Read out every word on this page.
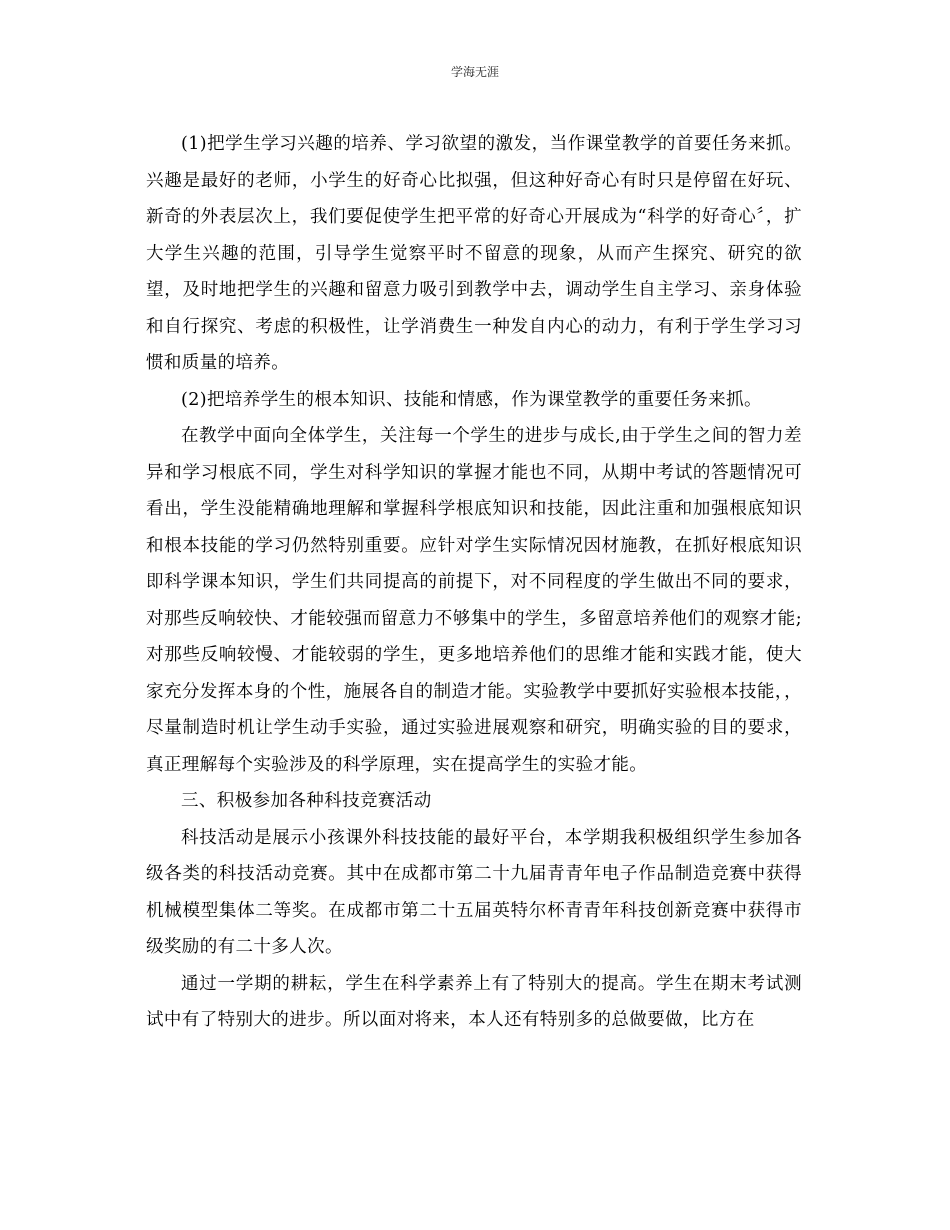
学海无涯

(1)把学生学习兴趣的培养、学习欲望的激发，当作课堂教学的首要任务来抓。兴趣是最好的老师，小学生的好奇心比拟强，但这种好奇心有时只是停留在好玩、新奇的外表层次上，我们要促使学生把平常的好奇心开展成为“科学的好奇心〞，扩大学生兴趣的范围，引导学生觉察平时不留意的现象，从而产生探究、研究的欲望，及时地把学生的兴趣和留意力吸引到教学中去，调动学生自主学习、亲身体验和自行探究、考虑的积极性，让学消费生一种发自内心的动力，有利于学生学习习惯和质量的培养。

(2)把培养学生的根本知识、技能和情感，作为课堂教学的重要任务来抓。

在教学中面向全体学生，关注每一个学生的进步与成长,由于学生之间的智力差异和学习根底不同，学生对科学知识的掌握才能也不同，从期中考试的答题情况可看出，学生没能精确地理解和掌握科学根底知识和技能，因此注重和加强根底知识和根本技能的学习仍然特别重要。应针对学生实际情况因材施教，在抓好根底知识即科学课本知识，学生们共同提高的前提下，对不同程度的学生做出不同的要求，对那些反响较快、才能较强而留意力不够集中的学生，多留意培养他们的观察才能;对那些反响较慢、才能较弱的学生，更多地培养他们的思维才能和实践才能，使大家充分发挥本身的个性，施展各自的制造才能。实验教学中要抓好实验根本技能，，尽量制造时机让学生动手实验，通过实验进展观察和研究，明确实验的目的要求，真正理解每个实验涉及的科学原理，实在提高学生的实验才能。

三、积极参加各种科技竞赛活动

科技活动是展示小孩课外科技技能的最好平台，本学期我积极组织学生参加各级各类的科技活动竞赛。其中在成都市第二十九届青青年电子作品制造竞赛中获得机械模型集体二等奖。在成都市第二十五届英特尔杯青青年科技创新竞赛中获得市级奖励的有二十多人次。

通过一学期的耕耘，学生在科学素养上有了特别大的提高。学生在期末考试测试中有了特别大的进步。所以面对将来，本人还有特别多的总做要做，比方在
